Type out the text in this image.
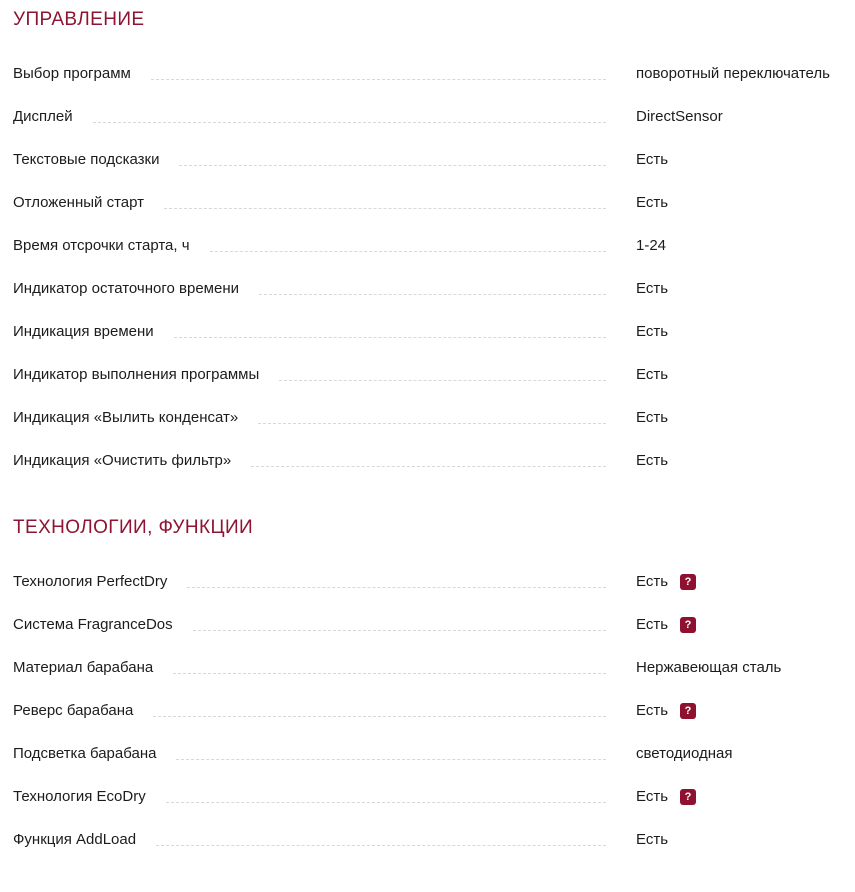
УПРАВЛЕНИЕ
Выбор программ	поворотный переключатель
Дисплей	DirectSensor
Текстовые подсказки	Есть
Отложенный старт	Есть
Время отсрочки старта, ч	1-24
Индикатор остаточного времени	Есть
Индикация времени	Есть
Индикатор выполнения программы	Есть
Индикация «Вылить конденсат»	Есть
Индикация «Очистить фильтр»	Есть
ТЕХНОЛОГИИ, ФУНКЦИИ
Технология PerfectDry	Есть	?
Система FragranceDos	Есть	?
Материал барабана	Нержавеющая сталь
Реверс барабана	Есть	?
Подсветка барабана	светодиодная
Технология EcoDry	Есть	?
Функция AddLoad	Есть
